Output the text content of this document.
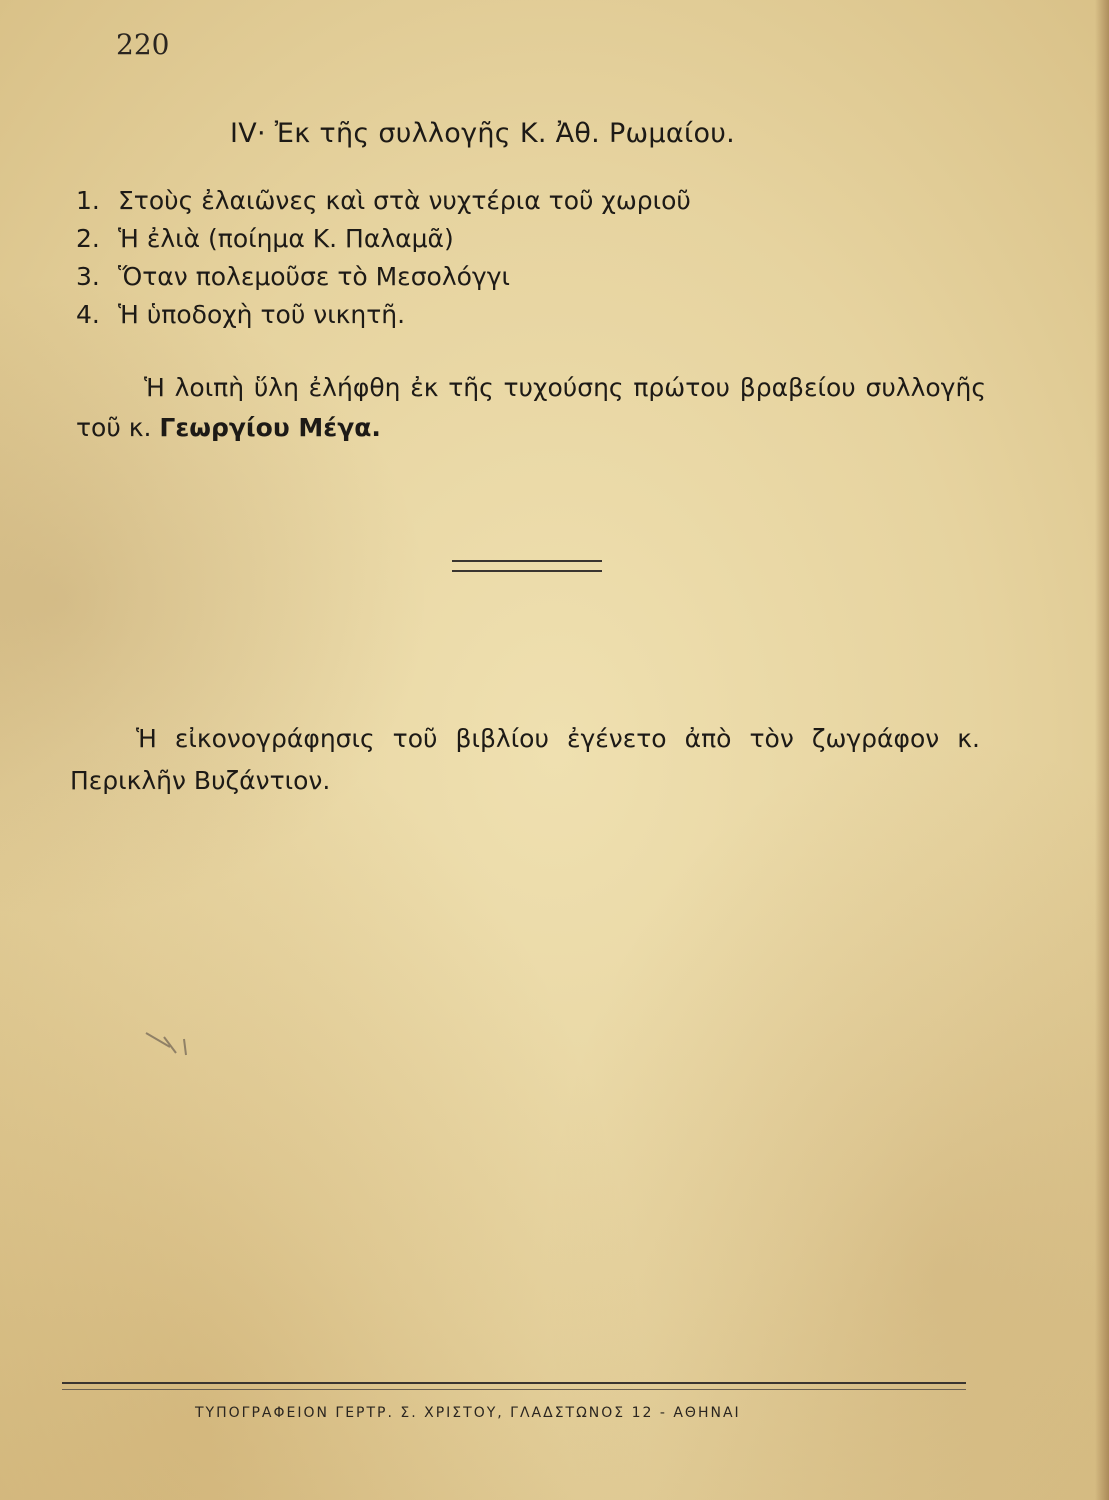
220
IV· Ἐκ τῆς συλλογῆς Κ. Ἀθ. Ρωμαίου.
1. Στοὺς ἐλαιῶνες καὶ στὰ νυχτέρια τοῦ χωριοῦ
2. Ἡ ἐλιὰ (ποίημα Κ. Παλαμᾶ)
3. Ὅταν πολεμοῦσε τὸ Μεσολόγγι
4. Ἡ ὑποδοχὴ τοῦ νικητῆ.

Ἡ λοιπὴ ὕλη ἐλήφθη ἐκ τῆς τυχούσης πρώτου βραβείου συλλογῆς τοῦ κ. Γεωργίου Μέγα.

Ἡ εἰκονογράφησις τοῦ βιβλίου ἐγένετο ἀπὸ τὸν ζωγράφον κ. Περικλῆν Βυζάντιον.

ΤΥΠΟΓΡΑΦΕΙΟΝ ΓΕΡΤΡ. Σ. ΧΡΙΣΤΟΥ, ΓΛΑΔΣΤΩΝΟΣ 12 - ΑΘΗΝΑΙ
